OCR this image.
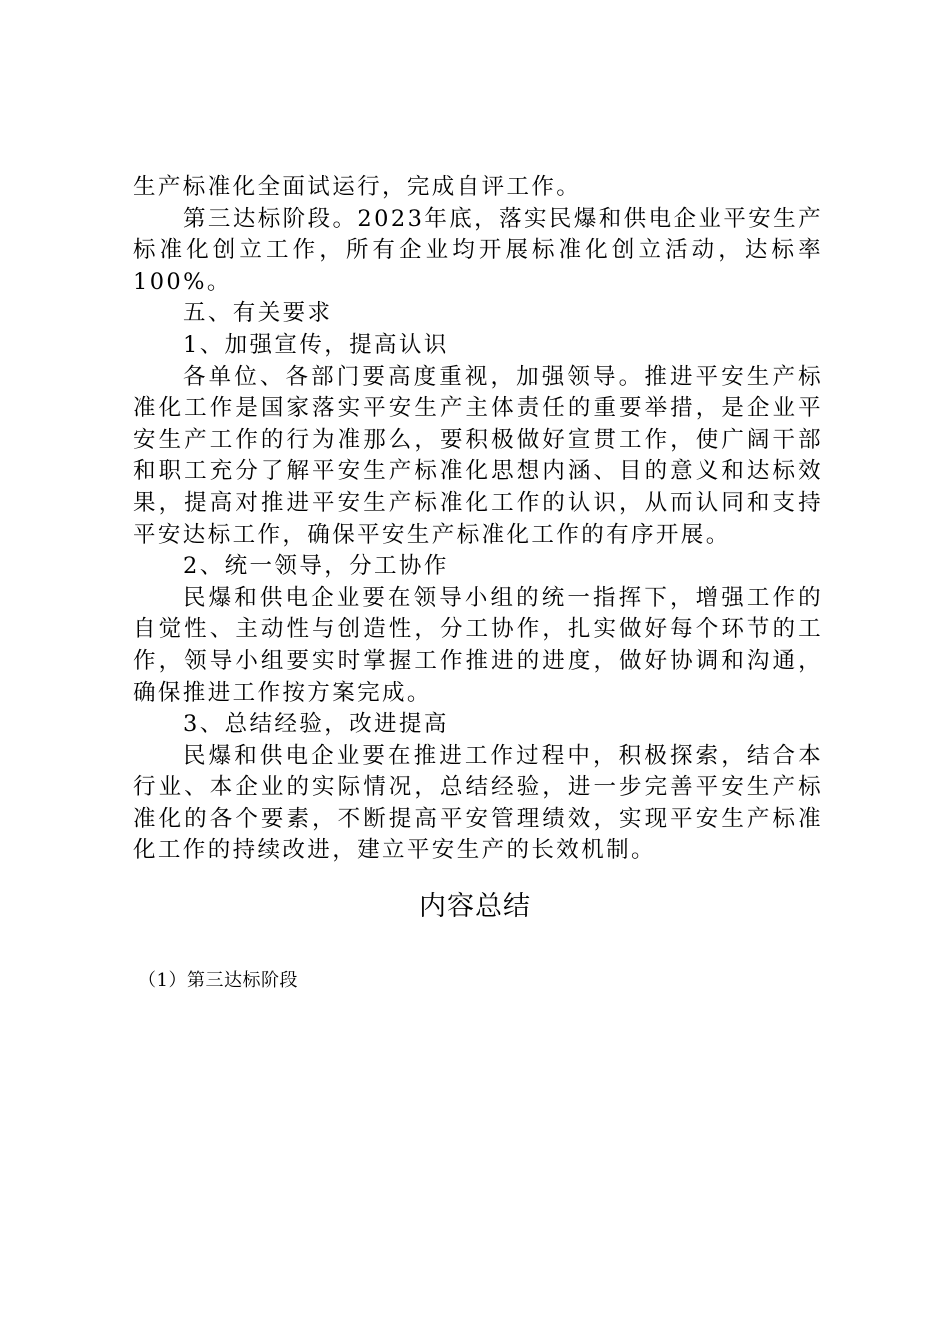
生产标准化全面试运行，完成自评工作。

第三达标阶段。2023年底，落实民爆和供电企业平安生产标准化创立工作，所有企业均开展标准化创立活动，达标率100%。

五、有关要求

1、加强宣传，提高认识

各单位、各部门要高度重视，加强领导。推进平安生产标准化工作是国家落实平安生产主体责任的重要举措，是企业平安生产工作的行为准那么，要积极做好宣贯工作，使广阔干部和职工充分了解平安生产标准化思想内涵、目的意义和达标效果，提高对推进平安生产标准化工作的认识，从而认同和支持平安达标工作，确保平安生产标准化工作的有序开展。

2、统一领导，分工协作

民爆和供电企业要在领导小组的统一指挥下，增强工作的自觉性、主动性与创造性，分工协作，扎实做好每个环节的工作，领导小组要实时掌握工作推进的进度，做好协调和沟通，确保推进工作按方案完成。

3、总结经验，改进提高

民爆和供电企业要在推进工作过程中，积极探索，结合本行业、本企业的实际情况，总结经验，进一步完善平安生产标准化的各个要素，不断提高平安管理绩效，实现平安生产标准化工作的持续改进，建立平安生产的长效机制。

内容总结

（1）第三达标阶段
